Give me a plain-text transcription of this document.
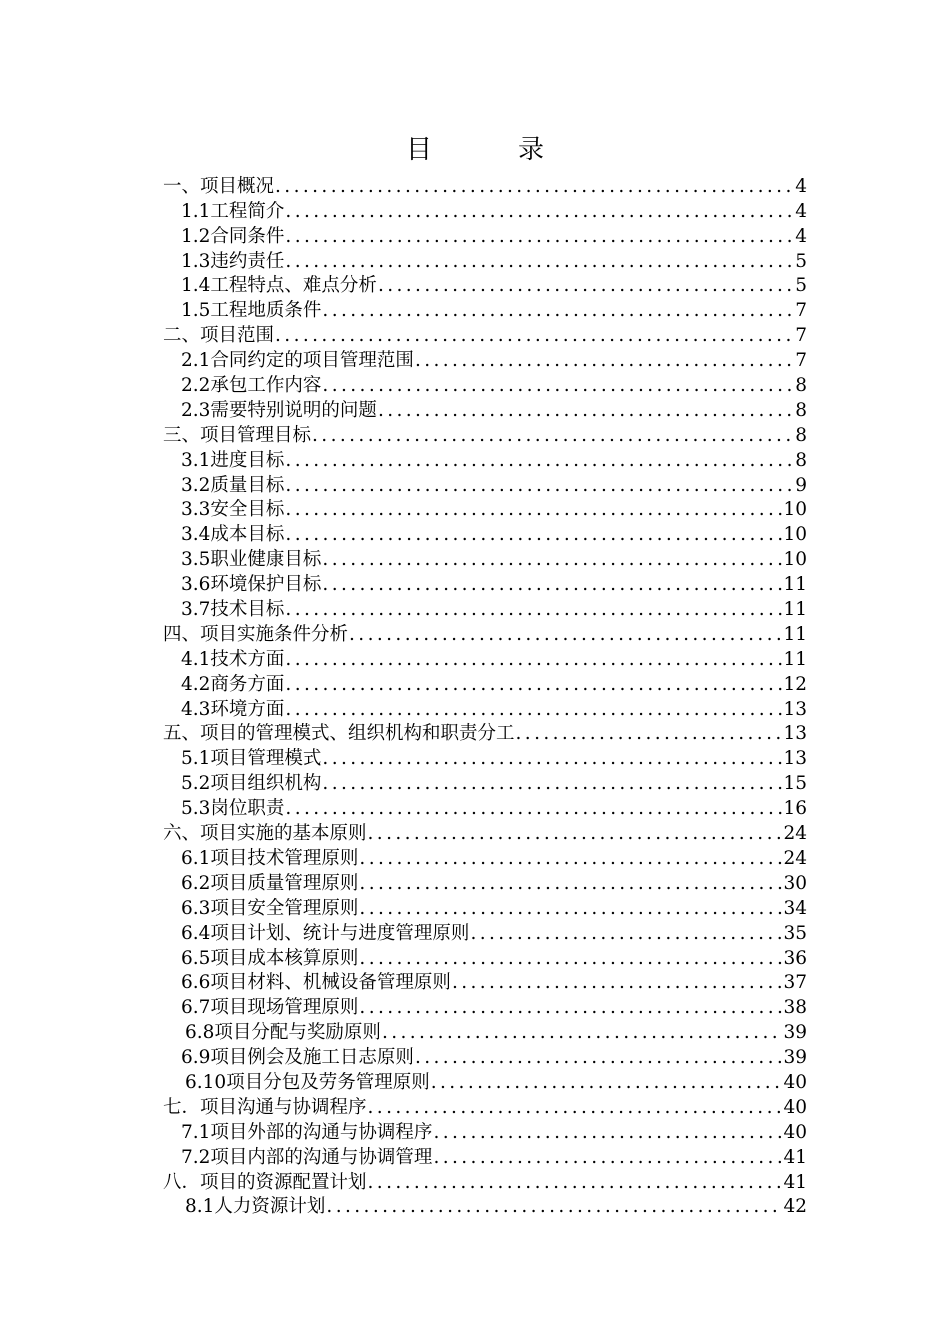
目　录
一、项目概况 .....	4
1.1工程简介 .....	4
1.2合同条件 .....	4
1.3违约责任 .....	5
1.4工程特点、难点分析 .....	5
1.5工程地质条件 .....	7
二、项目范围 .....	7
2.1合同约定的项目管理范围 .....	7
2.2承包工作内容 .....	8
2.3需要特别说明的问题 .....	8
三、项目管理目标 .....	8
3.1进度目标 .....	8
3.2质量目标 .....	9
3.3安全目标 .....	10
3.4成本目标 .....	10
3.5职业健康目标 .....	10
3.6环境保护目标 .....	11
3.7技术目标 .....	11
四、项目实施条件分析 .....	11
4.1技术方面 .....	11
4.2商务方面 .....	12
4.3环境方面 .....	13
五、项目的管理模式、组织机构和职责分工 .....	13
5.1项目管理模式 .....	13
5.2项目组织机构 .....	15
5.3岗位职责 .....	16
六、项目实施的基本原则 .....	24
6.1项目技术管理原则 .....	24
6.2项目质量管理原则 .....	30
6.3项目安全管理原则 .....	34
6.4项目计划、统计与进度管理原则 .....	35
6.5项目成本核算原则 .....	36
6.6项目材料、机械设备管理原则 .....	37
6.7项目现场管理原则 .....	38
6.8项目分配与奖励原则 .....	39
6.9项目例会及施工日志原则 .....	39
6.10项目分包及劳务管理原则 .....	40
七．项目沟通与协调程序 .....	40
7.1项目外部的沟通与协调程序 .....	40
7.2项目内部的沟通与协调管理 .....	41
八．项目的资源配置计划 .....	41
8.1人力资源计划 .....	42
